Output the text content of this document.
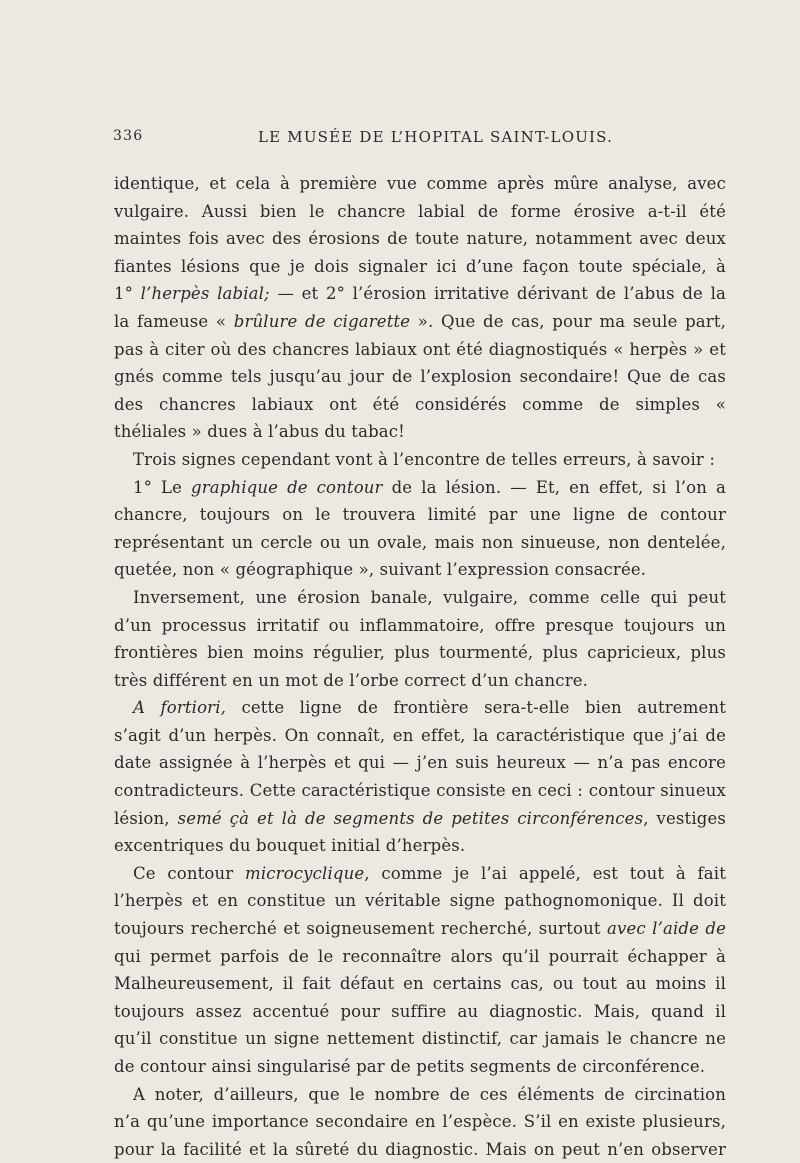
336	LE MUSÉE DE L’HOPITAL SAINT-LOUIS.
identique, et cela à première vue comme après mûre analyse, avec
vulgaire. Aussi bien le chancre labial de forme érosive a-t-il été
maintes fois avec des érosions de toute nature, notamment avec deux
fiantes lésions que je dois signaler ici d’une façon toute spéciale, à
1° l’herpès labial; — et 2° l’érosion irritative dérivant de l’abus de la
la fameuse « brûlure de cigarette ». Que de cas, pour ma seule part,
pas à citer où des chancres labiaux ont été diagnostiqués « herpès » et
gnés comme tels jusqu’au jour de l’explosion secondaire! Que de cas
des chancres labiaux ont été considérés comme de simples «
théliales » dues à l’abus du tabac!
Trois signes cependant vont à l’encontre de telles erreurs, à savoir :
1° Le graphique de contour de la lésion. — Et, en effet, si l’on a
chancre, toujours on le trouvera limité par une ligne de contour
représentant un cercle ou un ovale, mais non sinueuse, non dentelée,
quetée, non « géographique », suivant l’expression consacrée.
Inversement, une érosion banale, vulgaire, comme celle qui peut
d’un processus irritatif ou inflammatoire, offre presque toujours un
frontières bien moins régulier, plus tourmenté, plus capricieux, plus
très différent en un mot de l’orbe correct d’un chancre.
A fortiori, cette ligne de frontière sera-t-elle bien autrement
s’agit d’un herpès. On connaît, en effet, la caractéristique que j’ai de
date assignée à l’herpès et qui — j’en suis heureux — n’a pas encore
contradicteurs. Cette caractéristique consiste en ceci : contour sinueux
lésion, semé çà et là de segments de petites circonférences, vestiges
excentriques du bouquet initial d’herpès.
Ce contour microcyclique, comme je l’ai appelé, est tout à fait
l’herpès et en constitue un véritable signe pathognomonique. Il doit
toujours recherché et soigneusement recherché, surtout avec l’aide de
qui permet parfois de le reconnaître alors qu’il pourrait échapper à
Malheureusement, il fait défaut en certains cas, ou tout au moins il
toujours assez accentué pour suffire au diagnostic. Mais, quand il
qu’il constitue un signe nettement distinctif, car jamais le chancre ne
de contour ainsi singularisé par de petits segments de circonférence.
A noter, d’ailleurs, que le nombre de ces éléments de circination
n’a qu’une importance secondaire en l’espèce. S’il en existe plusieurs,
pour la facilité et la sûreté du diagnostic. Mais on peut n’en observer
